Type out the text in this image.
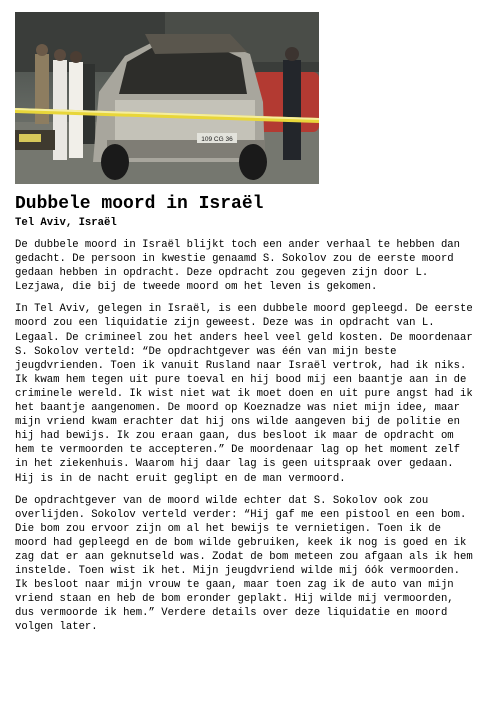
109 CG 36
Dubbele moord in Israël
Tel Aviv, Israël

De dubbele moord in Israël blijkt toch een ander verhaal te hebben dan gedacht. De persoon in kwestie genaamd S. Sokolov zou de eerste moord gedaan hebben in opdracht. Deze opdracht zou gegeven zijn door L. Lezjawa, die bij de tweede moord om het leven is gekomen.

In Tel Aviv, gelegen in Israël, is een dubbele moord gepleegd. De eerste moord zou een liquidatie zijn geweest. Deze was in opdracht van L. Legaal. De crimineel zou het anders heel veel geld kosten. De moordenaar S. Sokolov verteld: “De opdrachtgever was één van mijn beste jeugdvrienden. Toen ik vanuit Rusland naar Israël vertrok, had ik niks. Ik kwam hem tegen uit pure toeval en hij bood mij een baantje aan in de criminele wereld. Ik wist niet wat ik moet doen en uit pure angst had ik het baantje aangenomen. De moord op Koeznadze was niet mijn idee, maar mijn vriend kwam erachter dat hij ons wilde aangeven bij de politie en hij had bewijs. Ik zou eraan gaan, dus besloot ik maar de opdracht om hem te vermoorden te accepteren.” De moordenaar lag op het moment zelf in het ziekenhuis. Waarom hij daar lag is geen uitspraak over gedaan. Hij is in de nacht eruit geglipt en de man vermoord.

De opdrachtgever van de moord wilde echter dat S. Sokolov ook zou overlijden. Sokolov verteld verder: “Hij gaf me een pistool en een bom. Die bom zou ervoor zijn om al het bewijs te vernietigen. Toen ik de moord had gepleegd en de bom wilde gebruiken, keek ik nog is goed en ik zag dat er aan geknutseld was. Zodat de bom meteen zou afgaan als ik hem instelde. Toen wist ik het. Mijn jeugdvriend wilde mij óók vermoorden. Ik besloot naar mijn vrouw te gaan, maar toen zag ik de auto van mijn vriend staan en heb de bom eronder geplakt. Hij wilde mij vermoorden, dus vermoorde ik hem.” Verdere details over deze liquidatie en moord volgen later.
